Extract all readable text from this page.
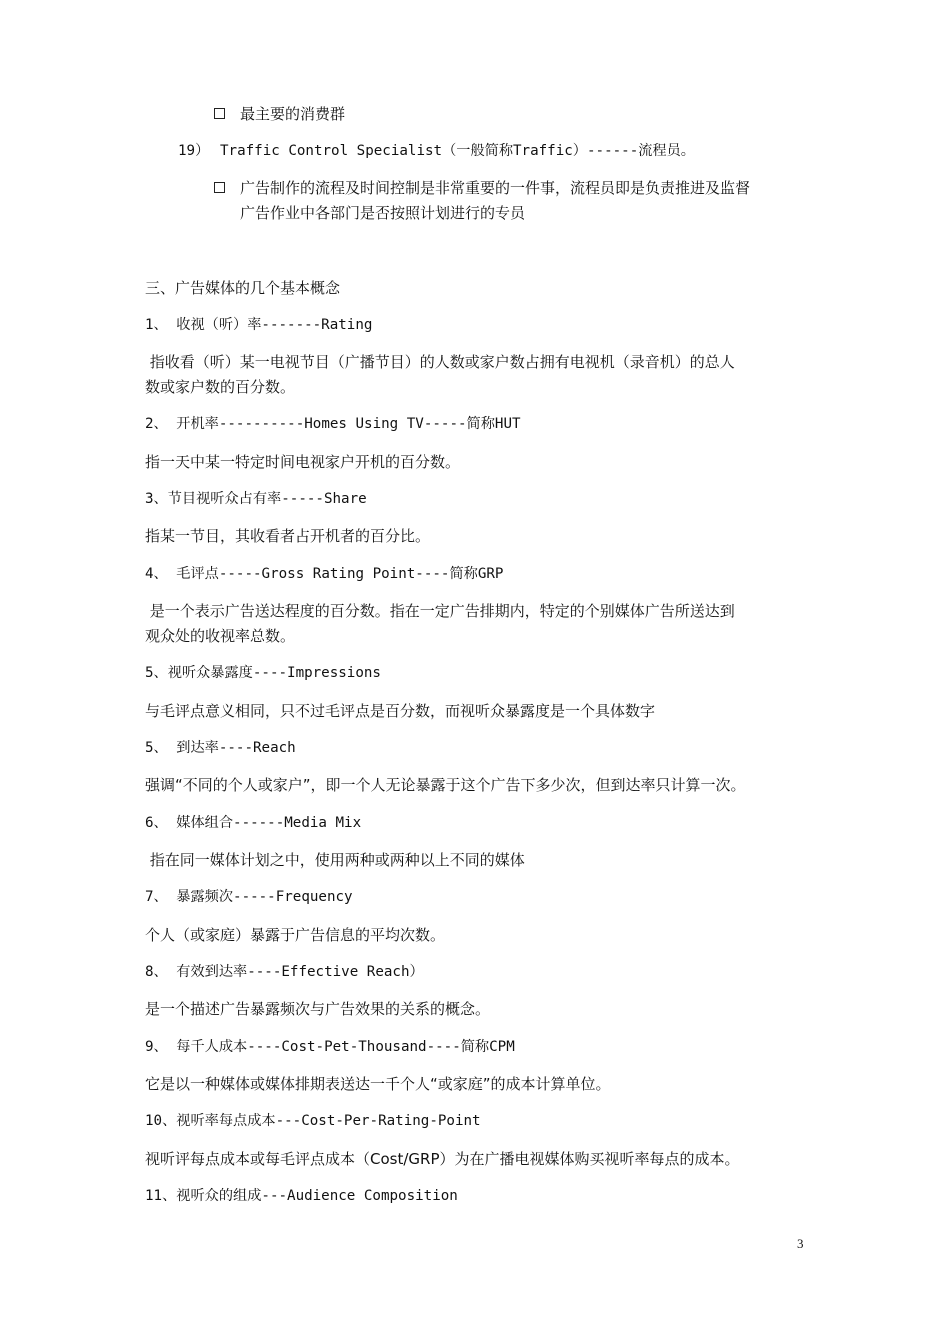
最主要的消费群
19） Traffic Control Specialist（一般简称Traffic）------流程员。
广告制作的流程及时间控制是非常重要的一件事，流程员即是负责推进及监督
广告作业中各部门是否按照计划进行的专员
三、广告媒体的几个基本概念
1、 收视（听）率-------Rating
指收看（听）某一电视节目（广播节目）的人数或家户数占拥有电视机（录音机）的总人
数或家户数的百分数。
2、 开机率----------Homes Using TV-----简称HUT
指一天中某一特定时间电视家户开机的百分数。
3、节目视听众占有率-----Share
指某一节目，其收看者占开机者的百分比。
4、 毛评点-----Gross Rating Point----简称GRP
是一个表示广告送达程度的百分数。指在一定广告排期内，特定的个别媒体广告所送达到
观众处的收视率总数。
5、视听众暴露度----Impressions
与毛评点意义相同，只不过毛评点是百分数，而视听众暴露度是一个具体数字
5、 到达率----Reach
强调“不同的个人或家户”，即一个人无论暴露于这个广告下多少次，但到达率只计算一次。
6、 媒体组合------Media Mix
指在同一媒体计划之中，使用两种或两种以上不同的媒体
7、 暴露频次-----Frequency
个人（或家庭）暴露于广告信息的平均次数。
8、 有效到达率----Effective Reach）
是一个描述广告暴露频次与广告效果的关系的概念。
9、 每千人成本----Cost-Pet-Thousand----简称CPM
它是以一种媒体或媒体排期表送达一千个人“或家庭”的成本计算单位。
10、视听率每点成本---Cost-Per-Rating-Point
视听评每点成本或每毛评点成本（Cost/GRP）为在广播电视媒体购买视听率每点的成本。
11、视听众的组成---Audience Composition
3
